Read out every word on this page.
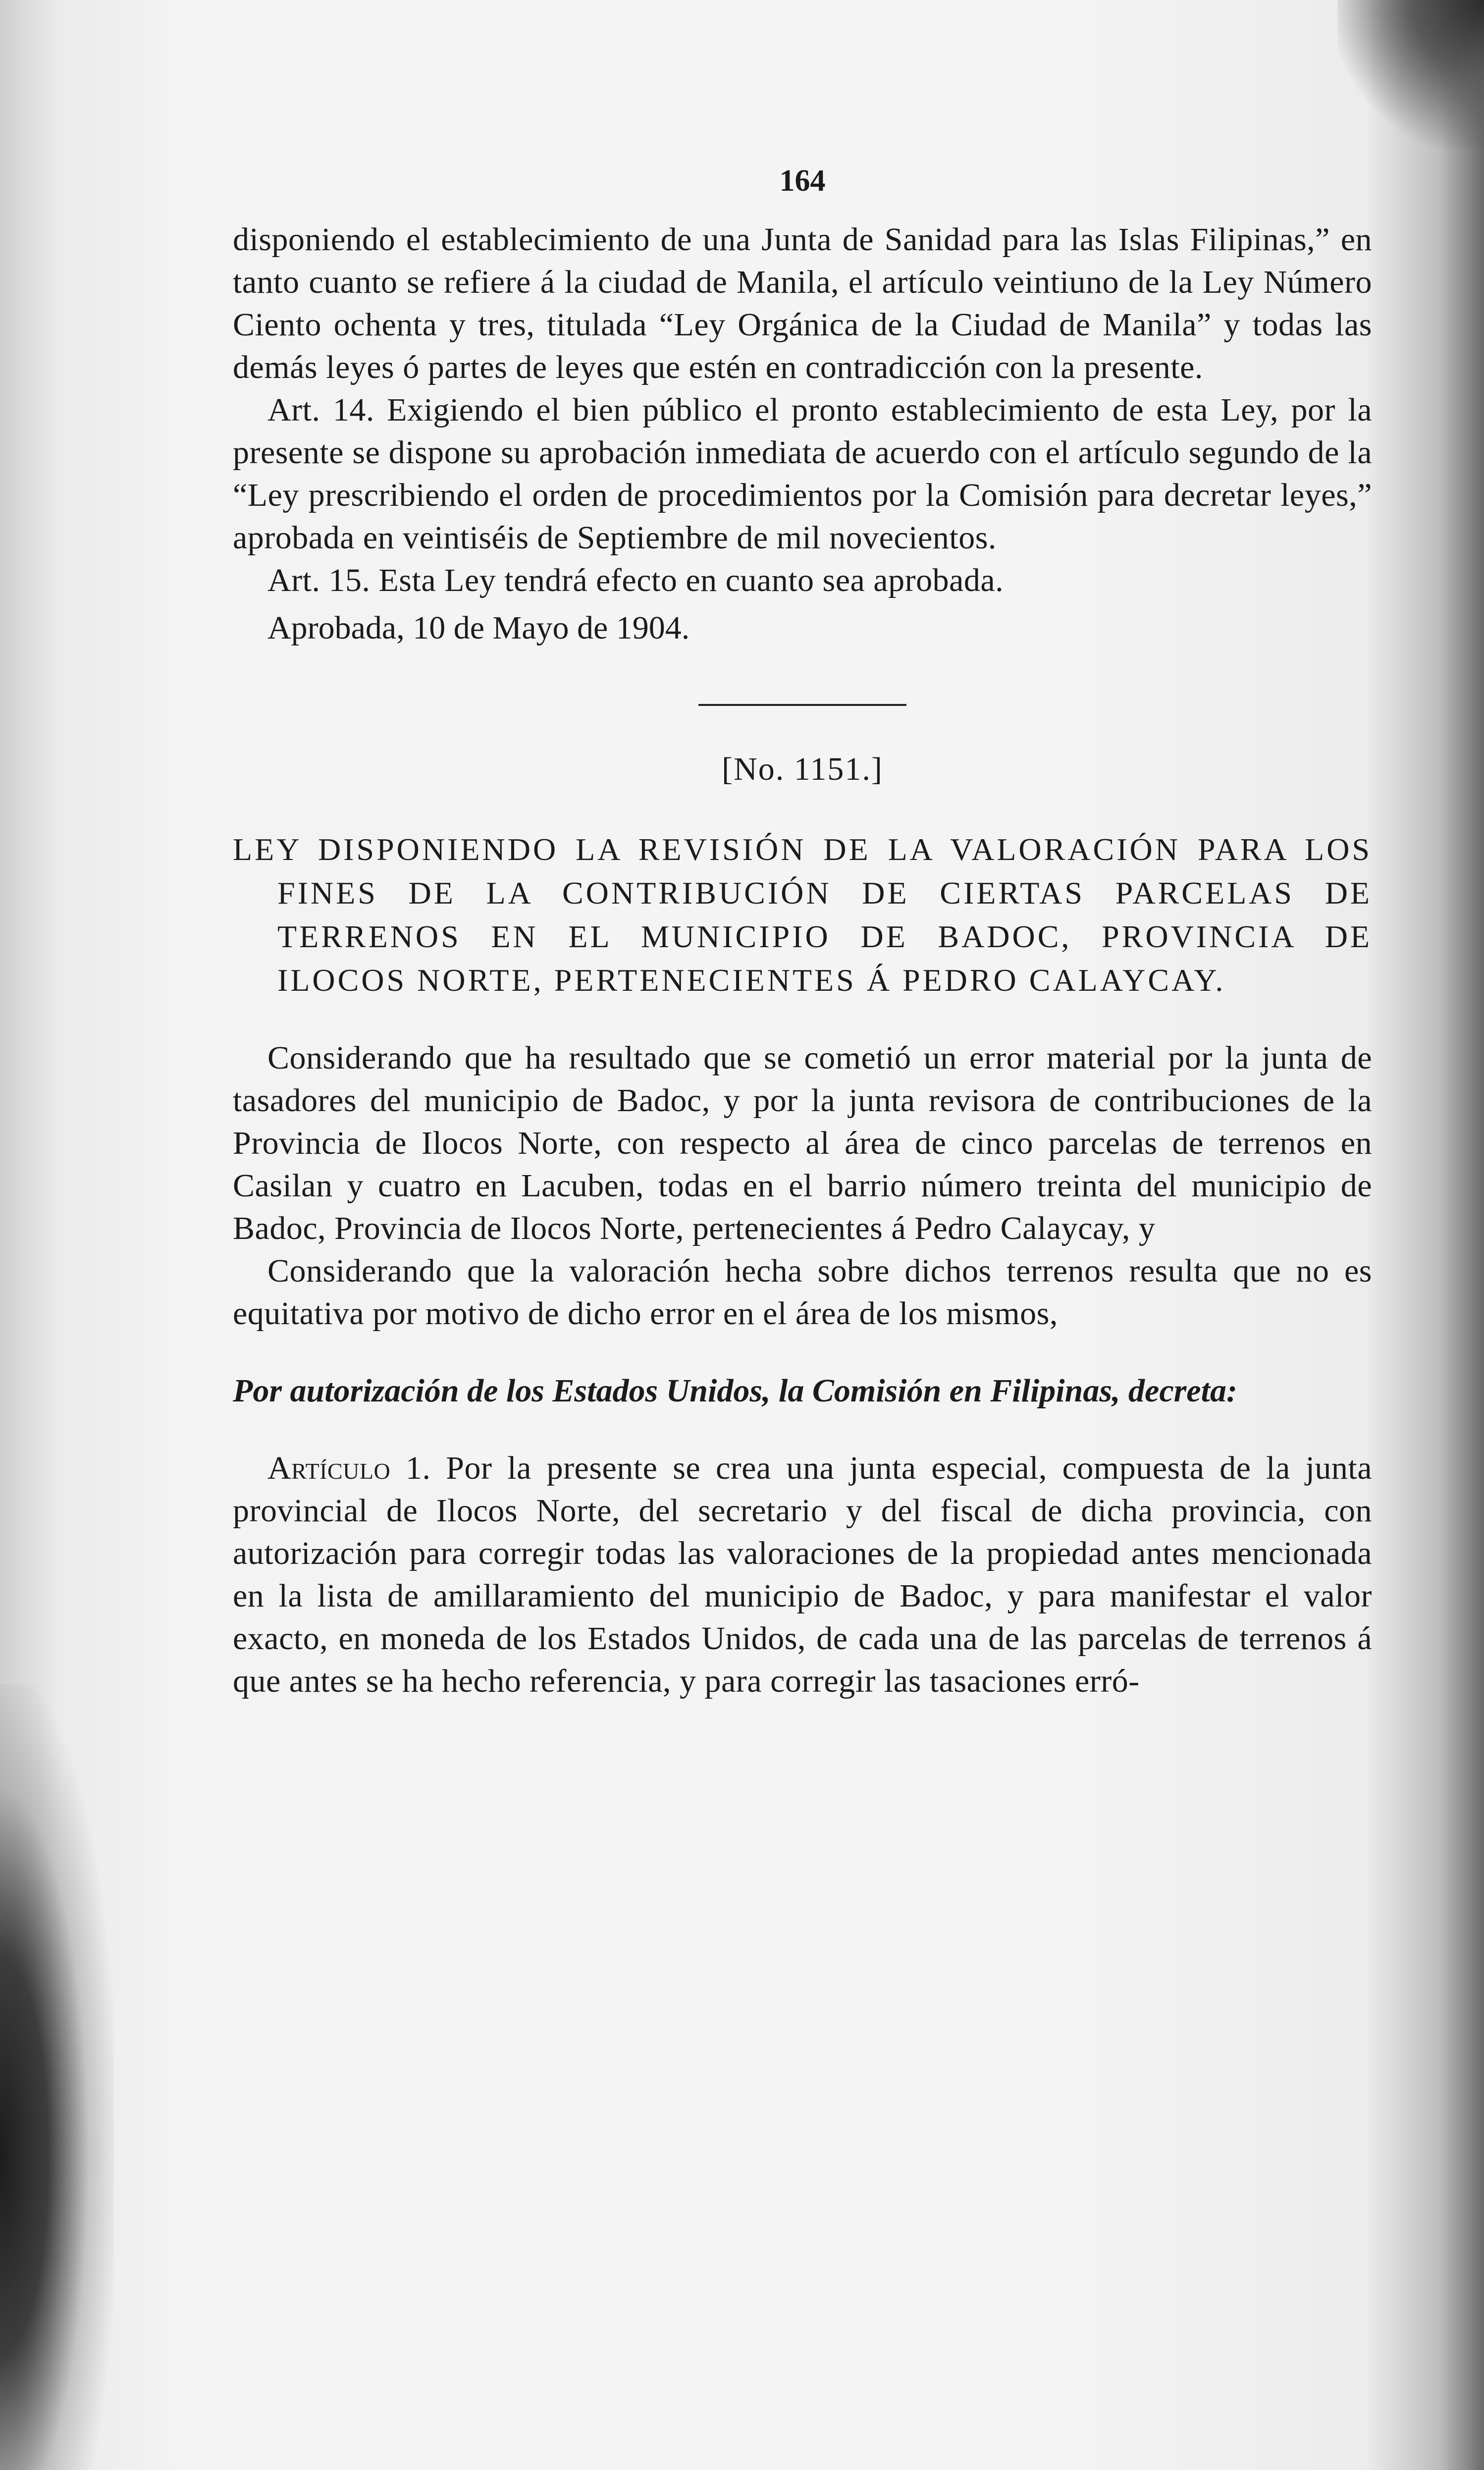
164

disponiendo el establecimiento de una Junta de Sanidad para las Islas Filipinas,” en tanto cuanto se refiere á la ciudad de Manila, el artículo veintiuno de la Ley Número Ciento ochenta y tres, titulada “Ley Orgánica de la Ciudad de Manila” y todas las demás leyes ó partes de leyes que estén en contradicción con la presente.

Art. 14. Exigiendo el bien público el pronto establecimiento de esta Ley, por la presente se dispone su aprobación inmediata de acuerdo con el artículo segundo de la “Ley prescribiendo el orden de procedimientos por la Comisión para decretar leyes,” aprobada en veintiséis de Septiembre de mil novecientos.

Art. 15. Esta Ley tendrá efecto en cuanto sea aprobada.

Aprobada, 10 de Mayo de 1904.

[No. 1151.]
LEY DISPONIENDO LA REVISIÓN DE LA VALORACIÓN PARA LOS FINES DE LA CONTRIBUCIÓN DE CIERTAS PARCELAS DE TERRENOS EN EL MUNICIPIO DE BADOC, PROVINCIA DE ILOCOS NORTE, PERTENECIENTES Á PEDRO CALAYCAY.

Considerando que ha resultado que se cometió un error material por la junta de tasadores del municipio de Badoc, y por la junta revisora de contribuciones de la Provincia de Ilocos Norte, con respecto al área de cinco parcelas de terrenos en Casilan y cuatro en Lacuben, todas en el barrio número treinta del municipio de Badoc, Provincia de Ilocos Norte, pertenecientes á Pedro Calaycay, y

Considerando que la valoración hecha sobre dichos terrenos resulta que no es equitativa por motivo de dicho error en el área de los mismos,

Por autorización de los Estados Unidos, la Comisión en Filipinas, decreta:

Artículo 1. Por la presente se crea una junta especial, compuesta de la junta provincial de Ilocos Norte, del secretario y del fiscal de dicha provincia, con autorización para corregir todas las valoraciones de la propiedad antes mencionada en la lista de amillaramiento del municipio de Badoc, y para manifestar el valor exacto, en moneda de los Estados Unidos, de cada una de las parcelas de terrenos á que antes se ha hecho referencia, y para corregir las tasaciones erró-
